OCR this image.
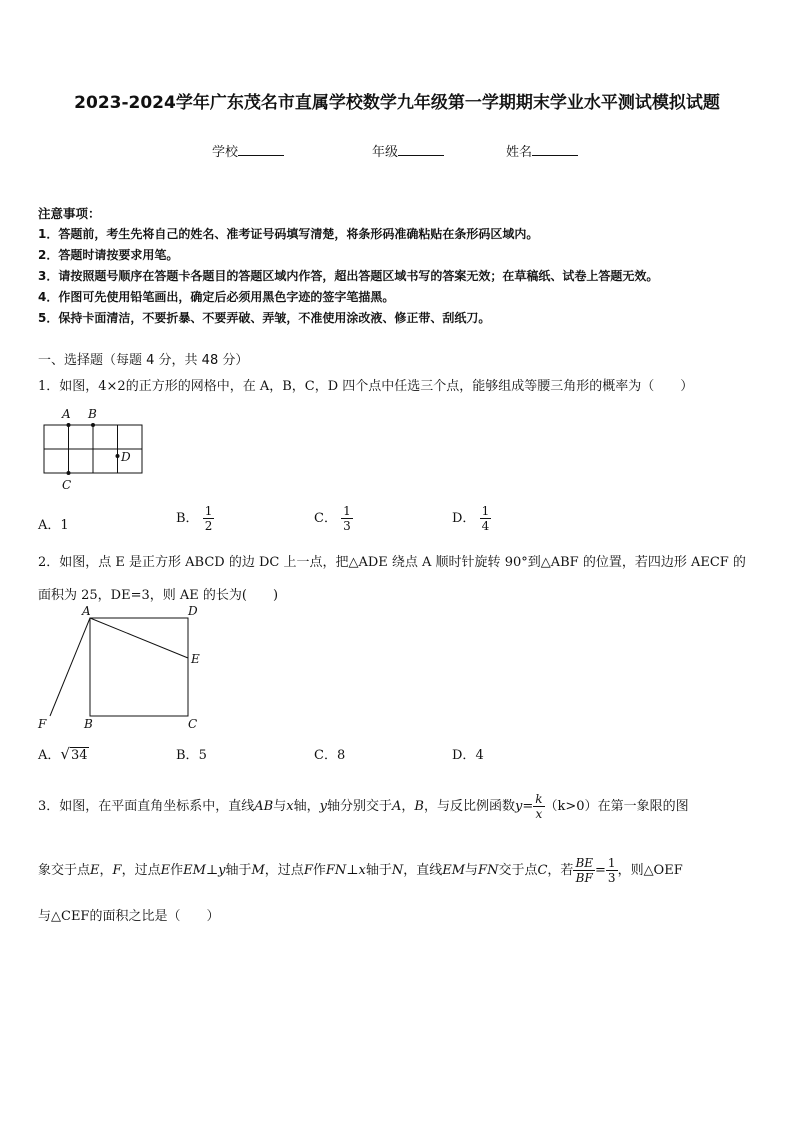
2023-2024学年广东茂名市直属学校数学九年级第一学期期末学业水平测试模拟试题
学校	年级	姓名
注意事项：
1．答题前，考生先将自己的姓名、准考证号码填写清楚，将条形码准确粘贴在条形码区域内。
2．答题时请按要求用笔。
3．请按照题号顺序在答题卡各题目的答题区域内作答，超出答题区域书写的答案无效；在草稿纸、试卷上答题无效。
4．作图可先使用铅笔画出，确定后必须用黑色字迹的签字笔描黑。
5．保持卡面清洁，不要折暴、不要弄破、弄皱，不准使用涂改液、修正带、刮纸刀。
一、选择题（每题 4 分，共 48 分）
1．如图，4×2的正方形的网格中，在 A，B，C，D 四个点中任选三个点，能够组成等腰三角形的概率为（　　）
A B
C
D
A．1	B． $\frac{1}{2}$	C． $\frac{1}{3}$	D． $\frac{1}{4}$
2．如图，点 E 是正方形 ABCD 的边 DC 上一点，把△ADE 绕点 A 顺时针旋转 90°到△ABF 的位置，若四边形 AECF 的
面积为 25，DE=3，则 AE 的长为(　　)
A	D
E
F	B	C
A．√34	B．5	C．8	D．4
3．如图，在平面直角坐标系中，直线AB与x轴，y轴分别交于A，B，与反比例函数$y= \frac{k}{x} (k>0)$在第一象限的图
象交于点E，F，过点E作EM⊥y轴于M，过点F作FN⊥x轴于N，直线EM与FN交于点C，若 $\frac{BE}{BF} = \frac{1}{3}$ ，则△OEF
与△CEF的面积之比是（　　）
